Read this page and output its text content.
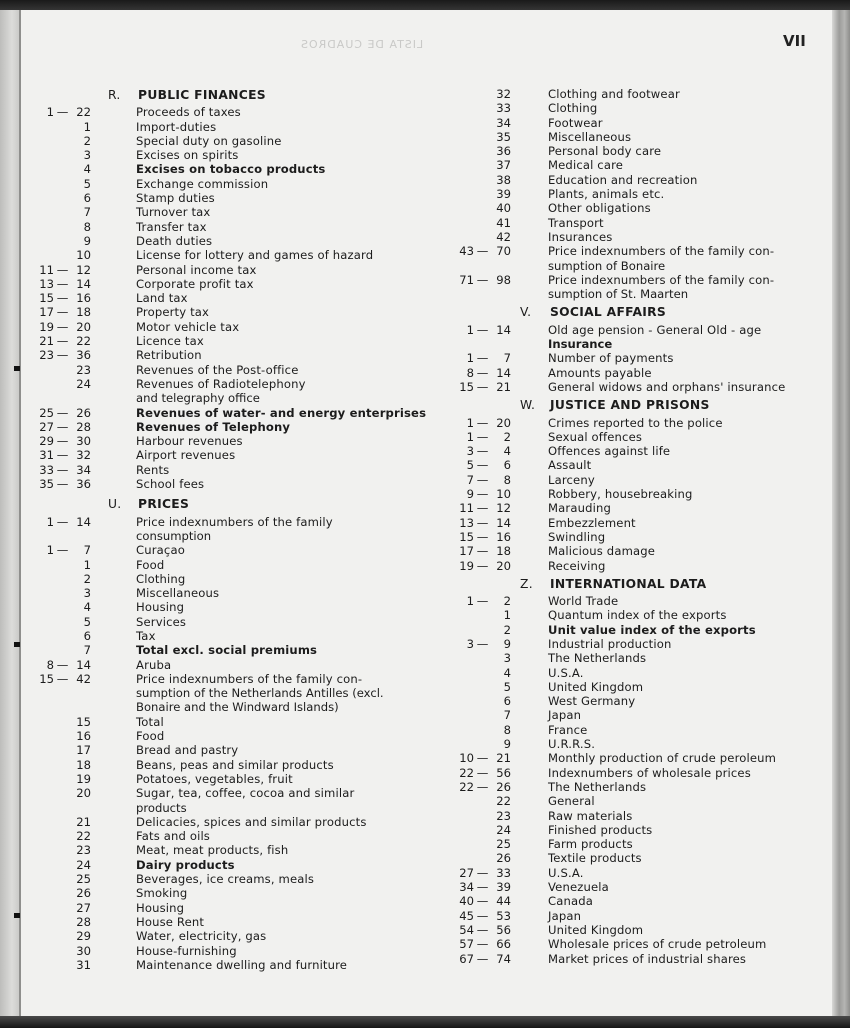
LISTA DE CUADROS	VII
R. PUBLIC FINANCES
1 — 22	Proceeds of taxes
1	Import-duties
2	Special duty on gasoline
3	Excises on spirits
4	Excises on tobacco products
5	Exchange commission
6	Stamp duties
7	Turnover tax
8	Transfer tax
9	Death duties
10	License for lottery and games of hazard
11 — 12	Personal income tax
13 — 14	Corporate profit tax
15 — 16	Land tax
17 — 18	Property tax
19 — 20	Motor vehicle tax
21 — 22	Licence tax
23 — 36	Retribution
23	Revenues of the Post-office
24	Revenues of Radiotelephony
and telegraphy office
25 — 26	Revenues of water- and energy enterprises
27 — 28	Revenues of Telephony
29 — 30	Harbour revenues
31 — 32	Airport revenues
33 — 34	Rents
35 — 36	School fees
U. PRICES
1 — 14	Price indexnumbers of the family
consumption
1 — 7	Curaçao
1	Food
2	Clothing
3	Miscellaneous
4	Housing
5	Services
6	Tax
7	Total excl. social premiums
8 — 14	Aruba
15 — 42	Price indexnumbers of the family con-
sumption of the Netherlands Antilles (excl.
Bonaire and the Windward Islands)
15	Total
16	Food
17	Bread and pastry
18	Beans, peas and similar products
19	Potatoes, vegetables, fruit
20	Sugar, tea, coffee, cocoa and similar
products
21	Delicacies, spices and similar products
22	Fats and oils
23	Meat, meat products, fish
24	Dairy products
25	Beverages, ice creams, meals
26	Smoking
27	Housing
28	House Rent
29	Water, electricity, gas
30	House-furnishing
31	Maintenance dwelling and furniture
32	Clothing and footwear
33	Clothing
34	Footwear
35	Miscellaneous
36	Personal body care
37	Medical care
38	Education and recreation
39	Plants, animals etc.
40	Other obligations
41	Transport
42	Insurances
43 — 70	Price indexnumbers of the family con-
sumption of Bonaire
71 — 98	Price indexnumbers of the family con-
sumption of St. Maarten
V. SOCIAL AFFAIRS
1 — 14	Old age pension - General Old - age
Insurance
1 — 7	Number of payments
8 — 14	Amounts payable
15 — 21	General widows and orphans' insurance
W. JUSTICE AND PRISONS
1 — 20	Crimes reported to the police
1 — 2	Sexual offences
3 — 4	Offences against life
5 — 6	Assault
7 — 8	Larceny
9 — 10	Robbery, housebreaking
11 — 12	Marauding
13 — 14	Embezzlement
15 — 16	Swindling
17 — 18	Malicious damage
19 — 20	Receiving
Z. INTERNATIONAL DATA
1 — 2	World Trade
1	Quantum index of the exports
2	Unit value index of the exports
3 — 9	Industrial production
3	The Netherlands
4	U.S.A.
5	United Kingdom
6	West Germany
7	Japan
8	France
9	U.R.R.S.
10 — 21	Monthly production of crude peroleum
22 — 56	Indexnumbers of wholesale prices
22 — 26	The Netherlands
22	General
23	Raw materials
24	Finished products
25	Farm products
26	Textile products
27 — 33	U.S.A.
34 — 39	Venezuela
40 — 44	Canada
45 — 53	Japan
54 — 56	United Kingdom
57 — 66	Wholesale prices of crude petroleum
67 — 74	Market prices of industrial shares
